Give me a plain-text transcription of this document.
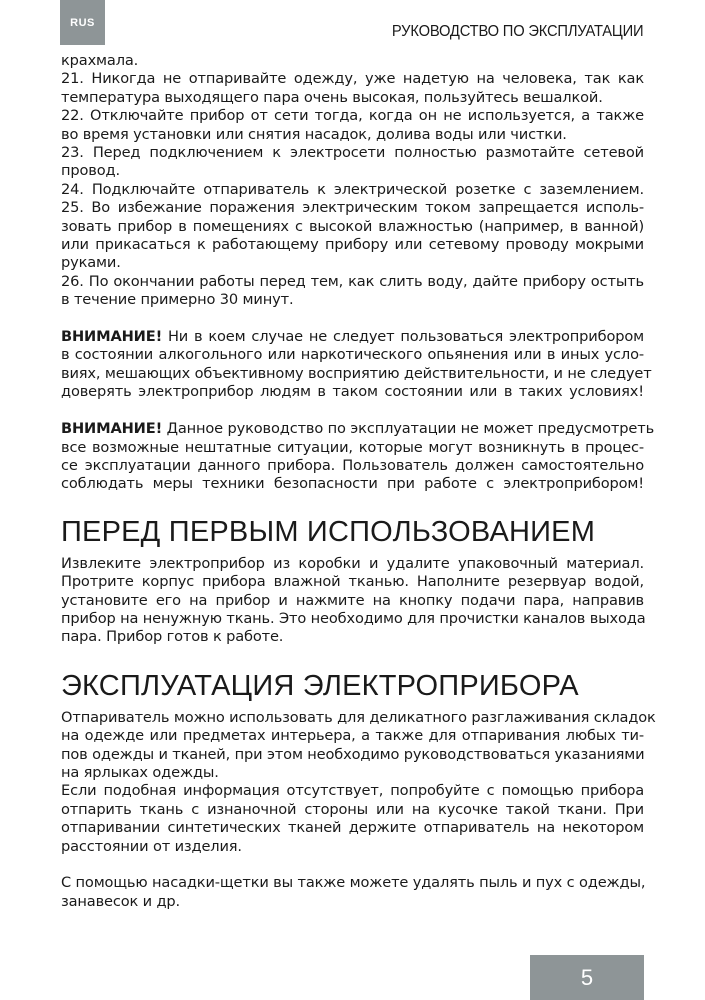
RUS
РУКОВОДСТВО ПО ЭКСПЛУАТАЦИИ
крахмала.
21. Никогда не отпаривайте одежду, уже надетую на человека, так как
температура выходящего пара очень высокая, пользуйтесь вешалкой.
22. Отключайте прибор от сети тогда, когда он не используется, а также
во время установки или снятия насадок, долива воды или чистки.
23. Перед подключением к электросети полностью размотайте сетевой
провод.
24. Подключайте отпариватель к электрической розетке с заземлением.
25. Во избежание поражения электрическим током запрещается исполь-
зовать прибор в помещениях с высокой влажностью (например, в ванной)
или прикасаться к работающему прибору или сетевому проводу мокрыми
руками.
26. По окончании работы перед тем, как слить воду, дайте прибору остыть
в течение примерно 30 минут.
ВНИМАНИЕ! Ни в коем случае не следует пользоваться электроприбором
в состоянии алкогольного или наркотического опьянения или в иных усло-
виях, мешающих объективному восприятию действительности, и не следует
доверять электроприбор людям в таком состоянии или в таких условиях!
ВНИМАНИЕ! Данное руководство по эксплуатации не может предусмотреть
все возможные нештатные ситуации, которые могут возникнуть в процес-
се эксплуатации данного прибора. Пользователь должен самостоятельно
соблюдать меры техники безопасности при работе с электроприбором!
ПЕРЕД ПЕРВЫМ ИСПОЛЬЗОВАНИЕМ
Извлеките электроприбор из коробки и удалите упаковочный материал.
Протрите корпус прибора влажной тканью. Наполните резервуар водой,
установите его на прибор и нажмите на кнопку подачи пара, направив
прибор на ненужную ткань. Это необходимо для прочистки каналов выхода
пара. Прибор готов к работе.
ЭКСПЛУАТАЦИЯ ЭЛЕКТРОПРИБОРА
Отпариватель можно использовать для деликатного разглаживания складок
на одежде или предметах интерьера, а также для отпаривания любых ти-
пов одежды и тканей, при этом необходимо руководствоваться указаниями
на ярлыках одежды.
Если подобная информация отсутствует, попробуйте с помощью прибора
отпарить ткань с изнаночной стороны или на кусочке такой ткани. При
отпаривании синтетических тканей держите отпариватель на некотором
расстоянии от изделия.
С помощью насадки-щетки вы также можете удалять пыль и пух с одежды,
занавесок и др.
5
